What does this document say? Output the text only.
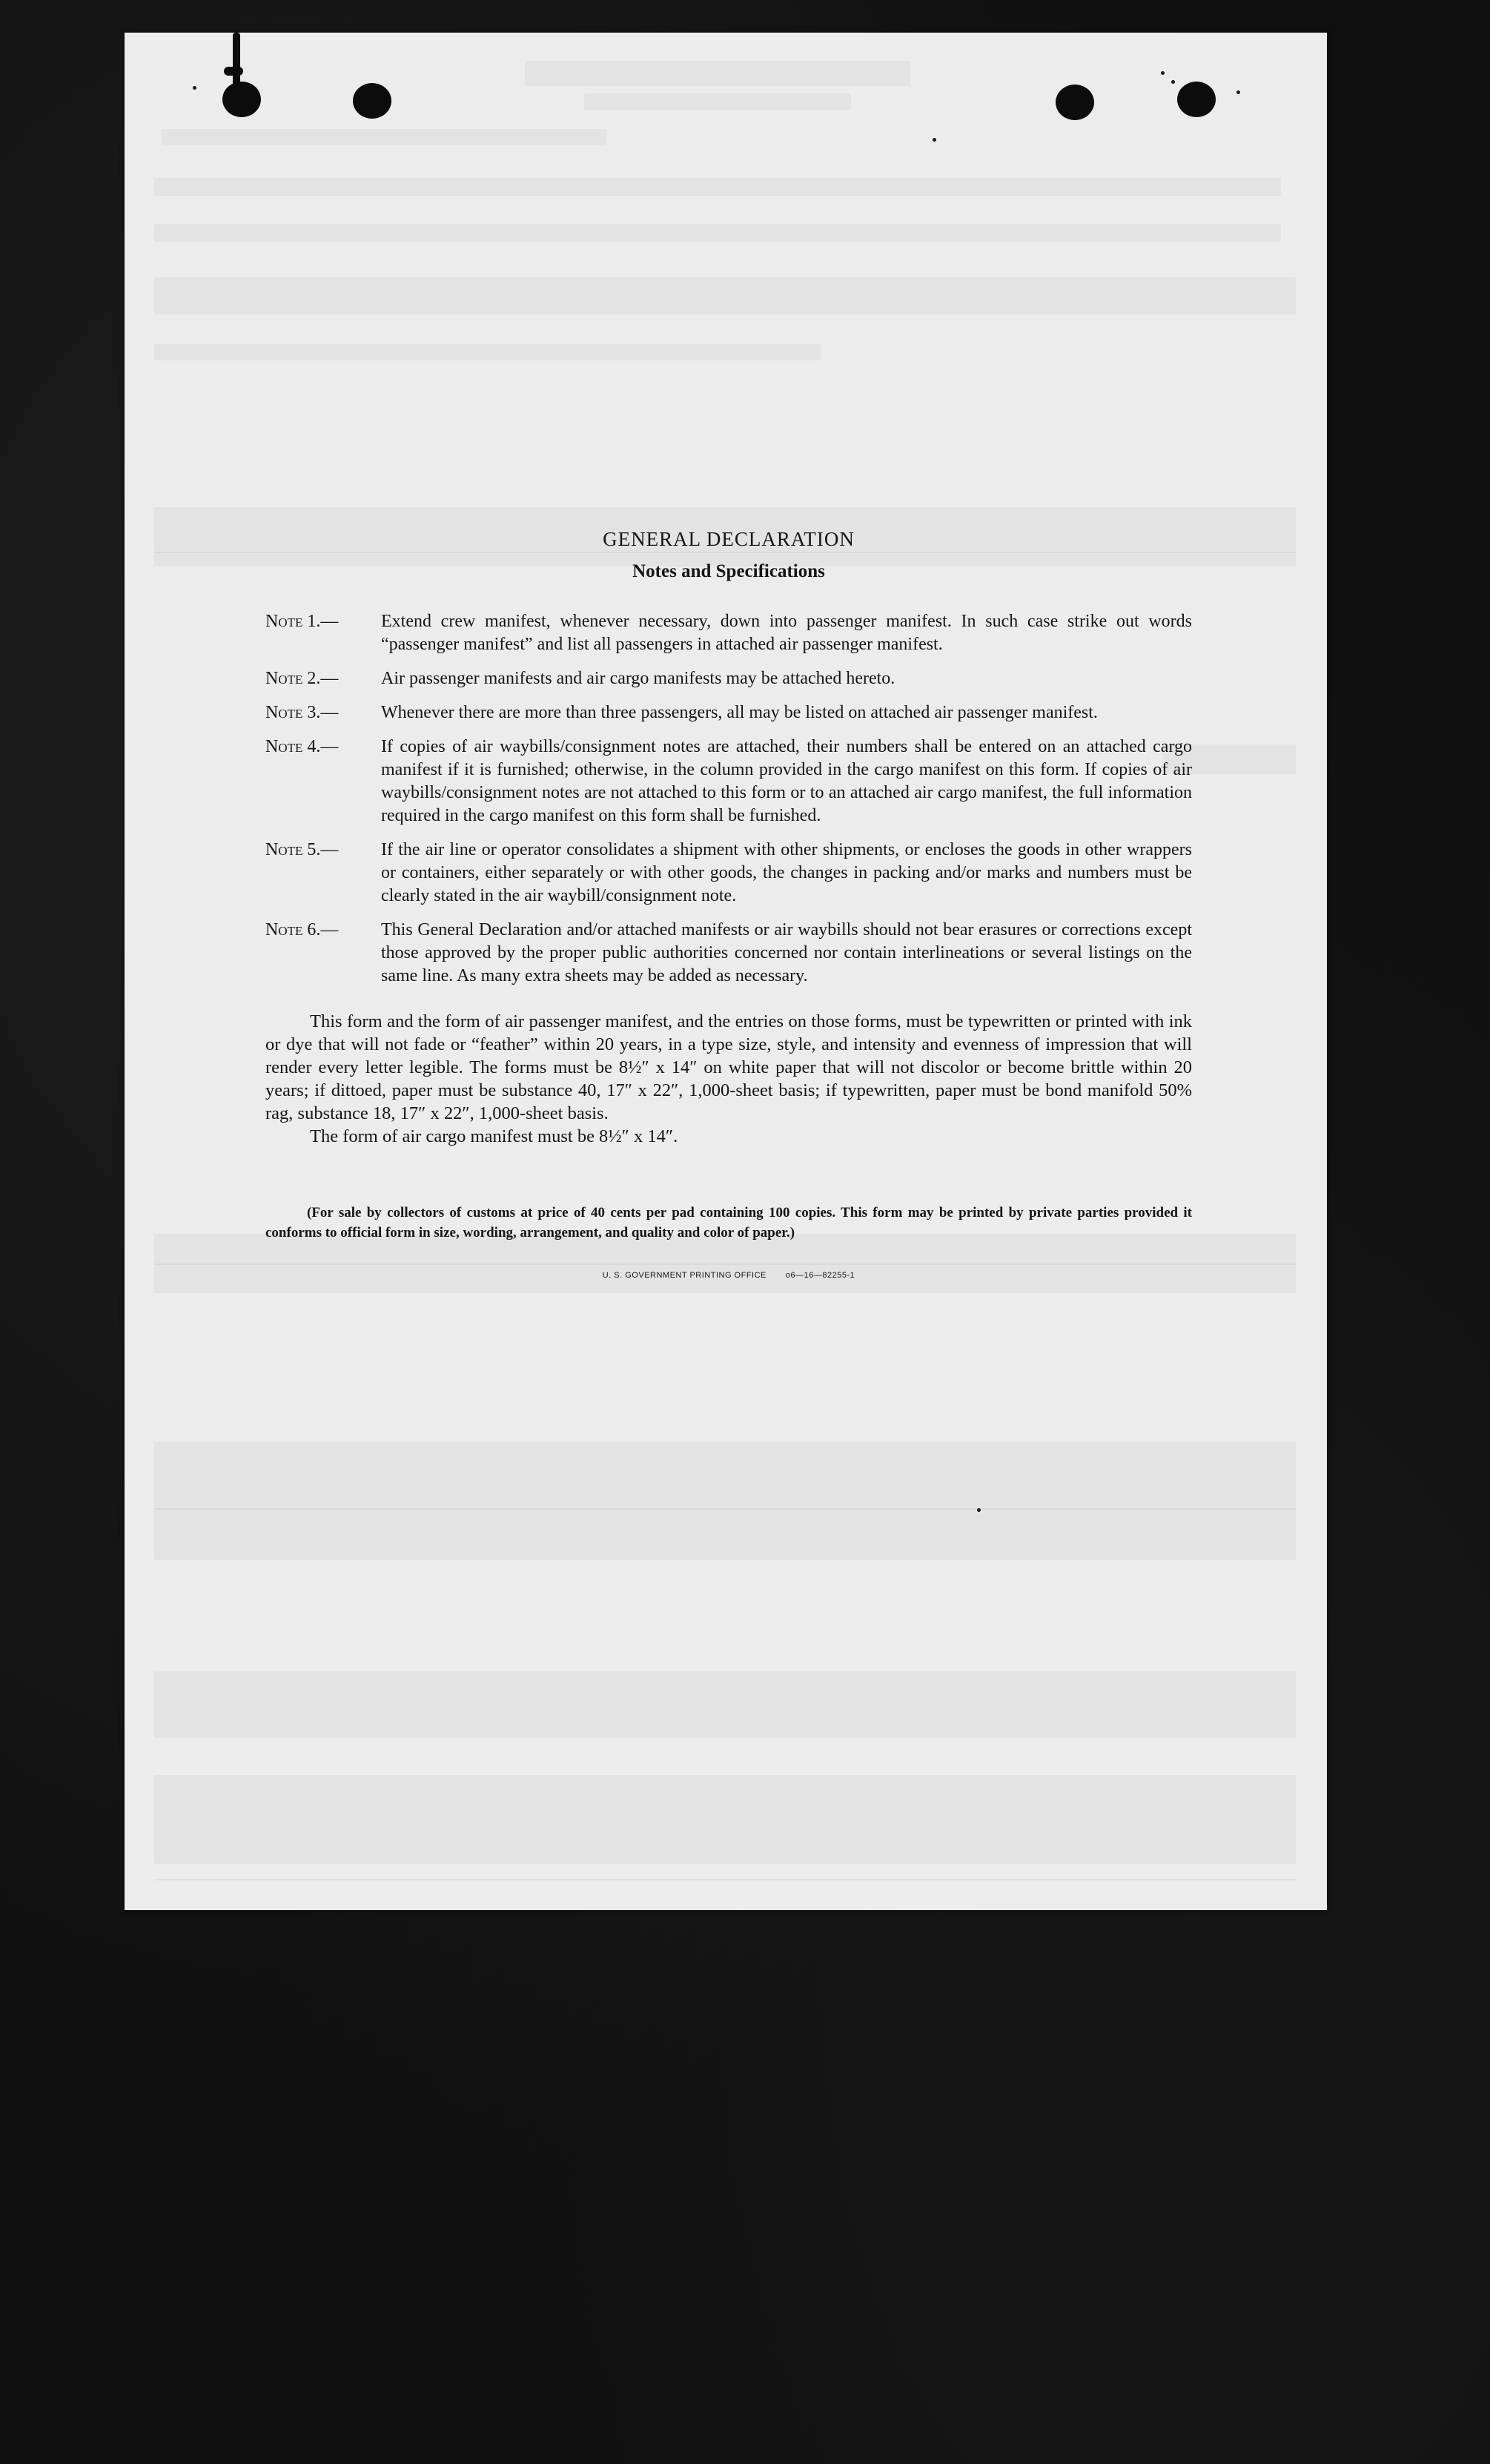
GENERAL DECLARATION
Notes and Specifications
Note 1.—	Extend crew manifest, whenever necessary, down into passenger manifest. In such case strike out words “passenger manifest” and list all passengers in attached air passenger manifest.
Note 2.—	Air passenger manifests and air cargo manifests may be attached hereto.
Note 3.—	Whenever there are more than three passengers, all may be listed on attached air passenger manifest.
Note 4.—	If copies of air waybills/consignment notes are attached, their numbers shall be entered on an attached cargo manifest if it is furnished; otherwise, in the column provided in the cargo manifest on this form. If copies of air waybills/consignment notes are not attached to this form or to an attached air cargo manifest, the full information required in the cargo manifest on this form shall be furnished.
Note 5.—	If the air line or operator consolidates a shipment with other shipments, or encloses the goods in other wrappers or containers, either separately or with other goods, the changes in packing and/or marks and numbers must be clearly stated in the air waybill/consignment note.
Note 6.—	This General Declaration and/or attached manifests or air waybills should not bear erasures or corrections except those approved by the proper public authorities concerned nor contain interlineations or several listings on the same line. As many extra sheets may be added as necessary.

This form and the form of air passenger manifest, and the entries on those forms, must be typewritten or printed with ink or dye that will not fade or “feather” within 20 years, in a type size, style, and intensity and evenness of impression that will render every letter legible. The forms must be 8½″ x 14″ on white paper that will not discolor or become brittle within 20 years; if dittoed, paper must be substance 40, 17″ x 22″, 1,000-sheet basis; if typewritten, paper must be bond manifold 50% rag, substance 18, 17″ x 22″, 1,000-sheet basis.

The form of air cargo manifest must be 8½″ x 14″.

(For sale by collectors of customs at price of 40 cents per pad containing 100 copies. This form may be printed by private parties provided it conforms to official form in size, wording, arrangement, and quality and color of paper.)

U. S. GOVERNMENT PRINTING OFFICE o6—16—82255-1
